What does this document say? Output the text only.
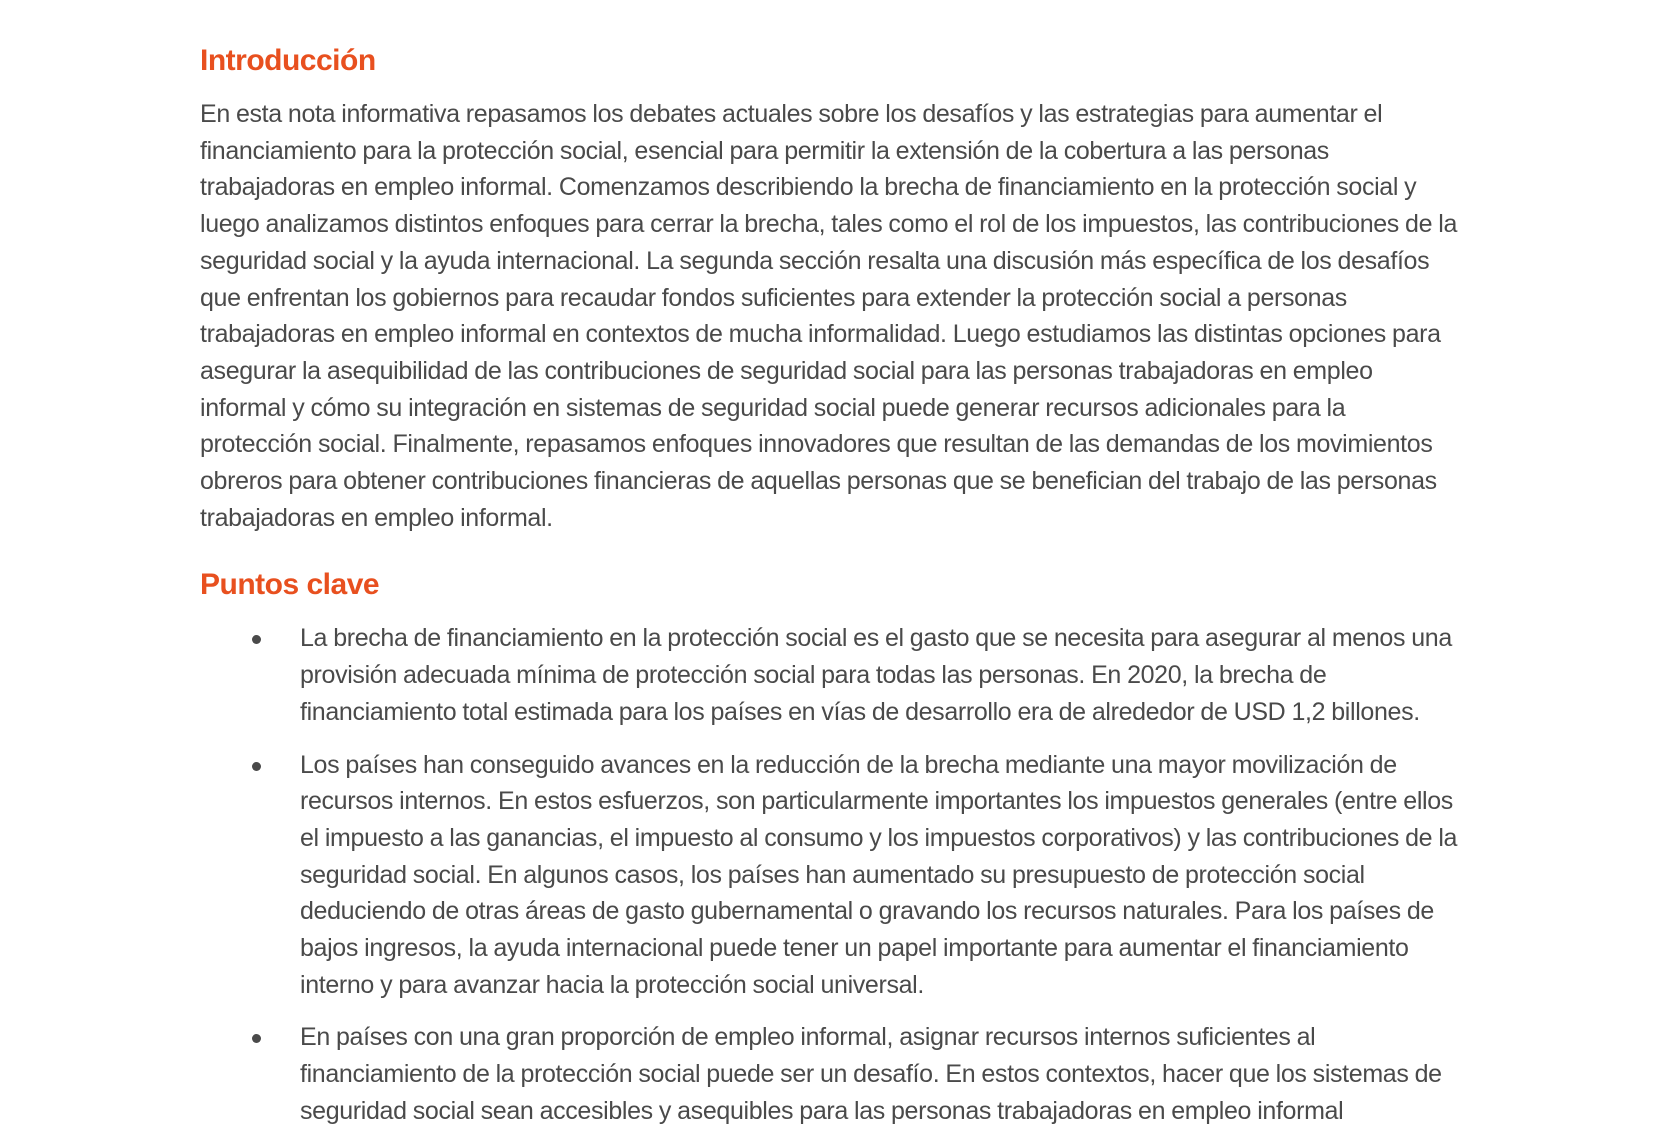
Introducción

En esta nota informativa repasamos los debates actuales sobre los desafíos y las estrategias para aumentar el financiamiento para la protección social, esencial para permitir la extensión de la cobertura a las personas trabajadoras en empleo informal. Comenzamos describiendo la brecha de financiamiento en la protección social y luego analizamos distintos enfoques para cerrar la brecha, tales como el rol de los impuestos, las contribuciones de la seguridad social y la ayuda internacional. La segunda sección resalta una discusión más específica de los desafíos que enfrentan los gobiernos para recaudar fondos suficientes para extender la protección social a personas trabajadoras en empleo informal en contextos de mucha informalidad. Luego estudiamos las distintas opciones para asegurar la asequibilidad de las contribuciones de seguridad social para las personas trabajadoras en empleo informal y cómo su integración en sistemas de seguridad social puede generar recursos adicionales para la protección social. Finalmente, repasamos enfoques innovadores que resultan de las demandas de los movimientos obreros para obtener contribuciones financieras de aquellas personas que se benefician del trabajo de las personas trabajadoras en empleo informal.

Puntos clave
La brecha de financiamiento en la protección social es el gasto que se necesita para asegurar al menos una provisión adecuada mínima de protección social para todas las personas. En 2020, la brecha de financiamiento total estimada para los países en vías de desarrollo era de alrededor de USD 1,2 billones.
Los países han conseguido avances en la reducción de la brecha mediante una mayor movilización de recursos internos. En estos esfuerzos, son particularmente importantes los impuestos generales (entre ellos el impuesto a las ganancias, el impuesto al consumo y los impuestos corporativos) y las contribuciones de la seguridad social. En algunos casos, los países han aumentado su presupuesto de protección social deduciendo de otras áreas de gasto gubernamental o gravando los recursos naturales. Para los países de bajos ingresos, la ayuda internacional puede tener un papel importante para aumentar el financiamiento interno y para avanzar hacia la protección social universal.
En países con una gran proporción de empleo informal, asignar recursos internos suficientes al financiamiento de la protección social puede ser un desafío. En estos contextos, hacer que los sistemas de seguridad social sean accesibles y asequibles para las personas trabajadoras en empleo informal
